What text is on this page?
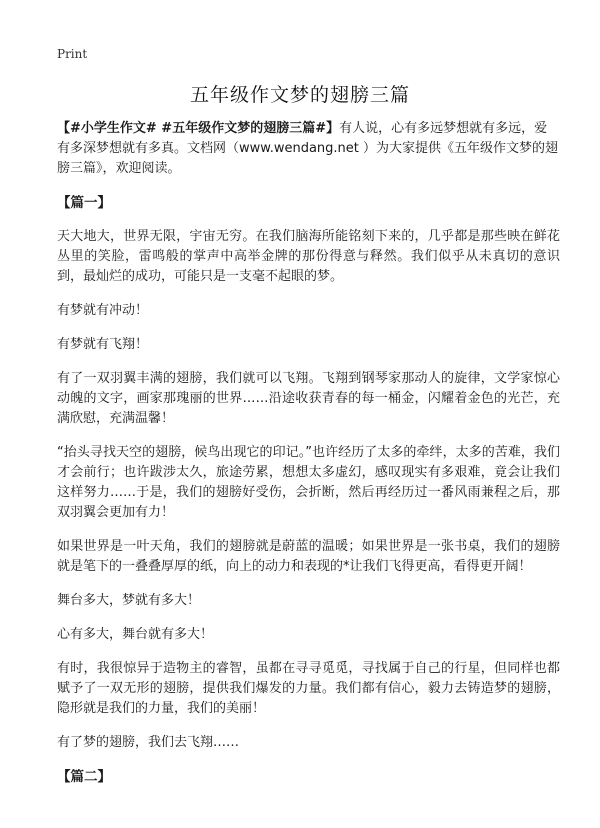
Print
五年级作文梦的翅膀三篇

【#小学生作文# #五年级作文梦的翅膀三篇#】有人说，心有多远梦想就有多远，爱有多深梦想就有多真。文档网（www.wendang.net ）为大家提供《五年级作文梦的翅膀三篇》，欢迎阅读。

【篇一】

天大地大，世界无限，宇宙无穷。在我们脑海所能铭刻下来的，几乎都是那些映在鲜花丛里的笑脸，雷鸣般的掌声中高举金牌的那份得意与释然。我们似乎从未真切的意识到，最灿烂的成功，可能只是一支毫不起眼的梦。

有梦就有冲动！

有梦就有飞翔！

有了一双羽翼丰满的翅膀，我们就可以飞翔。飞翔到钢琴家那动人的旋律，文学家惊心动魄的文字，画家那瑰丽的世界……沿途收获青春的每一桶金，闪耀着金色的光芒，充满欣慰，充满温馨！

“抬头寻找天空的翅膀，候鸟出现它的印记。”也许经历了太多的牵绊，太多的苦难，我们才会前行；也许跋涉太久，旅途劳累，想想太多虚幻，感叹现实有多艰难，竟会让我们这样努力……于是，我们的翅膀好受伤，会折断，然后再经历过一番风雨兼程之后，那双羽翼会更加有力！

如果世界是一叶天角，我们的翅膀就是蔚蓝的温暖；如果世界是一张书桌，我们的翅膀就是笔下的一叠叠厚厚的纸，向上的动力和表现的*让我们飞得更高，看得更开阔！

舞台多大，梦就有多大！

心有多大，舞台就有多大！

有时，我很惊异于造物主的睿智，虽都在寻寻觅觅，寻找属于自己的行星，但同样也都赋予了一双无形的翅膀，提供我们爆发的力量。我们都有信心，毅力去铸造梦的翅膀，隐形就是我们的力量，我们的美丽！

有了梦的翅膀，我们去飞翔……

【篇二】
